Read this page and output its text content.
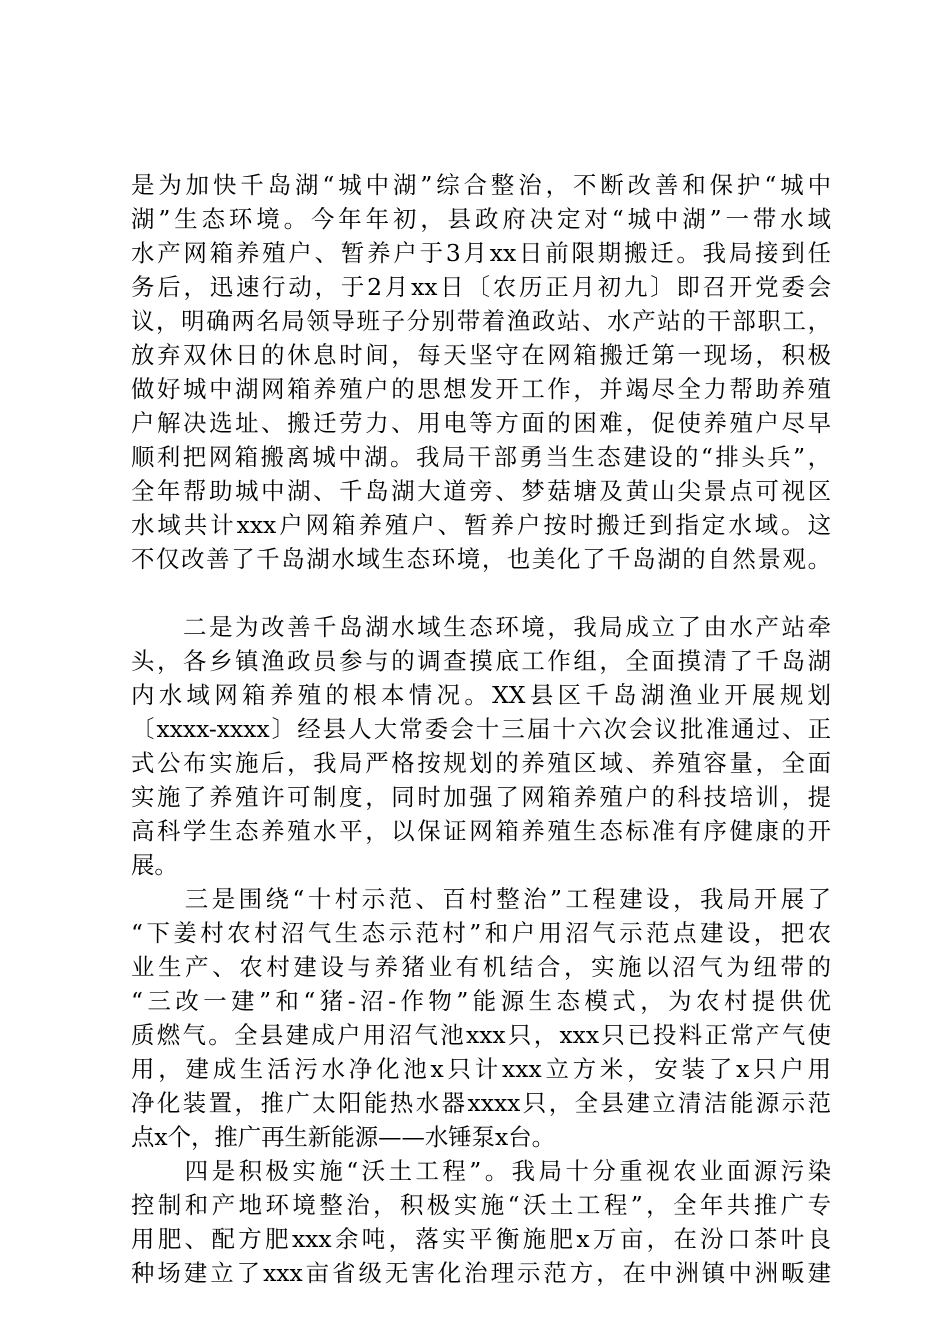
是为加快千岛湖“城中湖”综合整治，不断改善和保护“城中
湖”生态环境。今年年初，县政府决定对“城中湖”一带水域
水产网箱养殖户、暂养户于3月xx日前限期搬迁。我局接到任
务后，迅速行动，于2月xx日〔农历正月初九〕即召开党委会
议，明确两名局领导班子分别带着渔政站、水产站的干部职工，
放弃双休日的休息时间，每天坚守在网箱搬迁第一现场，积极
做好城中湖网箱养殖户的思想发开工作，并竭尽全力帮助养殖
户解决选址、搬迁劳力、用电等方面的困难，促使养殖户尽早
顺利把网箱搬离城中湖。我局干部勇当生态建设的“排头兵”，
全年帮助城中湖、千岛湖大道旁、梦菇塘及黄山尖景点可视区
水域共计xxx户网箱养殖户、暂养户按时搬迁到指定水域。这
不仅改善了千岛湖水域生态环境，也美化了千岛湖的自然景观。
　　二是为改善千岛湖水域生态环境，我局成立了由水产站牵
头，各乡镇渔政员参与的调查摸底工作组，全面摸清了千岛湖
内水域网箱养殖的根本情况。XX县区千岛湖渔业开展规划
〔xxxx-xxxx〕经县人大常委会十三届十六次会议批准通过、正
式公布实施后，我局严格按规划的养殖区域、养殖容量，全面
实施了养殖许可制度，同时加强了网箱养殖户的科技培训，提
高科学生态养殖水平，以保证网箱养殖生态标准有序健康的开
展。
　　三是围绕“十村示范、百村整治”工程建设，我局开展了
“下姜村农村沼气生态示范村”和户用沼气示范点建设，把农
业生产、农村建设与养猪业有机结合，实施以沼气为纽带的
“三改一建”和“猪-沼-作物”能源生态模式，为农村提供优
质燃气。全县建成户用沼气池xxx只，xxx只已投料正常产气使
用，建成生活污水净化池x只计xxx立方米，安装了x只户用
净化装置，推广太阳能热水器xxxx只，全县建立清洁能源示范
点x个，推广再生新能源——水锤泵x台。
　　四是积极实施“沃土工程”。我局十分重视农业面源污染
控制和产地环境整治，积极实施“沃土工程”，全年共推广专
用肥、配方肥xxx余吨，落实平衡施肥x万亩，在汾口茶叶良
种场建立了xxx亩省级无害化治理示范方，在中洲镇中洲畈建
